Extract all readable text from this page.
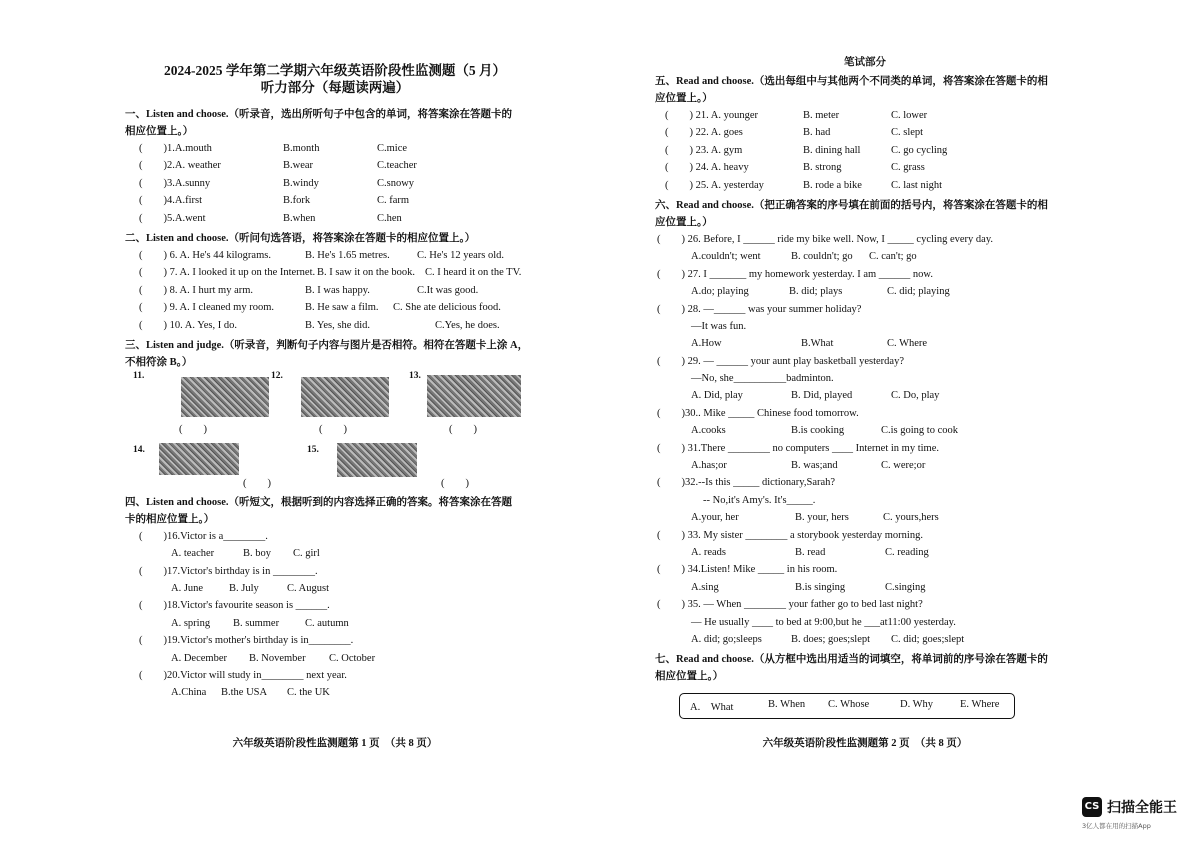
2024-2025 学年第二学期六年级英语阶段性监测题（5 月）
听力部分（每题读两遍）
一、Listen and choose.（听录音，选出所听句子中包含的单词，将答案涂在答题卡的
相应位置上。）
(　　)1.A.mouth	B.month	C.mice
(　　)2.A. weather	B.wear	C.teacher
(　　)3.A.sunny	B.windy	C.snowy
(　　)4.A.first	B.fork	C. farm
(　　)5.A.went	B.when	C.hen
二、Listen and choose.（听问句选答语，将答案涂在答题卡的相应位置上。）
(　　) 6. A. He's 44 kilograms.	B. He's 1.65 metres.	C. He's 12 years old.
(　　) 7. A. I looked it up on the Internet. B. I saw it on the book. C. I heard it on the TV.
(　　) 8. A. I hurt my arm.	B. I was happy.	C.It was good.
(　　) 9. A. I cleaned my room.	B. He saw a film. C. She ate delicious food.
(　　) 10. A. Yes, I do.	B. Yes, she did.	C.Yes, he does.
三、Listen and judge.（听录音，判断句子内容与图片是否相符。相符在答题卡上涂 A，
不相符涂 B。）
11.
(　　)
12.
(　　)
13.
(　　)
14.
(　　)
15.
(　　)
四、Listen and choose.（听短文，根据听到的内容选择正确的答案。将答案涂在答题
卡的相应位置上。）
(　　)16.Victor is a________.
A. teacher	B. boy C. girl
(　　)17.Victor's birthday is in ________.
A. June B. July	C. August
(　　)18.Victor's favourite season is ______.
A. spring B. summer C. autumn
(　　)19.Victor's mother's birthday is in________.
A. December B. November C. October
(　　)20.Victor will study in________ next year.
A.China B.the USA C. the UK
六年级英语阶段性监测题第 1 页　（共 8 页）
笔试部分
五、Read and choose.（选出每组中与其他两个不同类的单词，将答案涂在答题卡的相
应位置上。）
(　　) 21. A. younger	B. meter	C. lower
(　　) 22. A. goes	B. had	C. slept
(　　) 23. A. gym	B. dining hall	C. go cycling
(　　) 24. A. heavy	B. strong	C. grass
(　　) 25. A. yesterday	B. rode a bike	C. last night
六、Read and choose.（把正确答案的序号填在前面的括号内，将答案涂在答题卡的相
应位置上。）
(　　) 26. Before, I ______ ride my bike well. Now, I _____ cycling every day.
A.couldn't; went	B. couldn't; go C. can't; go
(　　) 27. I _______ my homework yesterday. I am ______ now.
A.do; playing	B. did; plays	C. did; playing
(　　) 28. —______ was your summer holiday?
—It was fun.
A.How	B.What	C. Where
(　　) 29. — ______ your aunt play basketball yesterday?
—No, she__________badminton.
A. Did, play	B. Did, played	C. Do, play
(　　)30.. Mike _____ Chinese food tomorrow.
A.cooks	B.is cooking	C.is going to cook
(　　) 31.There ________ no computers ____ Internet in my time.
A.has;or	B. was;and	C. were;or
(　　)32.--Is this _____ dictionary,Sarah?
-- No,it's Amy's. It's_____.
A.your, her	B. your, hers	C. yours,hers
(　　) 33. My sister ________ a storybook yesterday morning.
A. reads	B. read	C. reading
(　　) 34.Listen! Mike _____ in his room.
A.sing	B.is singing	C.singing
(　　) 35. — When ________ your father go to bed last night?
— He usually ____ to bed at 9:00,but he ___at11:00 yesterday.
A. did; go;sleeps	B. does; goes;slept C. did; goes;slept
七、Read and choose.（从方框中选出用适当的词填空，将单词前的序号涂在答题卡的
相应位置上。）
A.　What	B. When C. Whose	D. Why	E. Where
六年级英语阶段性监测题第 2 页　（共 8 页）
CS 扫描全能王
3亿人都在用的扫描App
